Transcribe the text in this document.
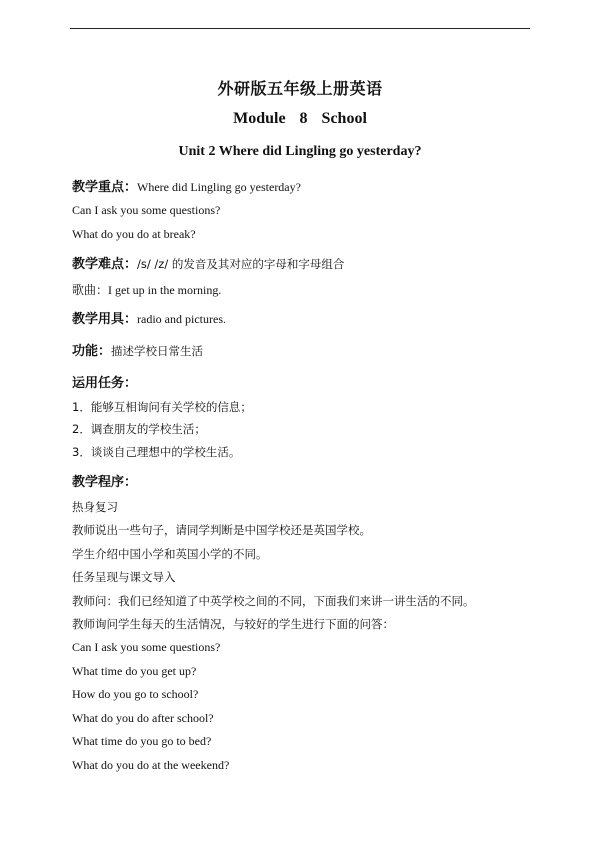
外研版五年级上册英语
Module 8 School
Unit 2 Where did Lingling go yesterday?
教学重点：Where did Lingling go yesterday?
Can I ask you some questions?
What do you do at break?
教学难点：/s/ /z/ 的发音及其对应的字母和字母组合
歌曲：I get up in the morning.
教学用具：radio and pictures.
功能：描述学校日常生活
运用任务：
1．能够互相询问有关学校的信息；
2．调查朋友的学校生活；
3．谈谈自己理想中的学校生活。
教学程序：
热身复习
教师说出一些句子，请同学判断是中国学校还是英国学校。
学生介绍中国小学和英国小学的不同。
任务呈现与课文导入
教师问：我们已经知道了中英学校之间的不同，下面我们来讲一讲生活的不同。
教师询问学生每天的生活情况，与较好的学生进行下面的问答：
Can I ask you some questions?
What time do you get up?
How do you go to school?
What do you do after school?
What time do you go to bed?
What do you do at the weekend?
